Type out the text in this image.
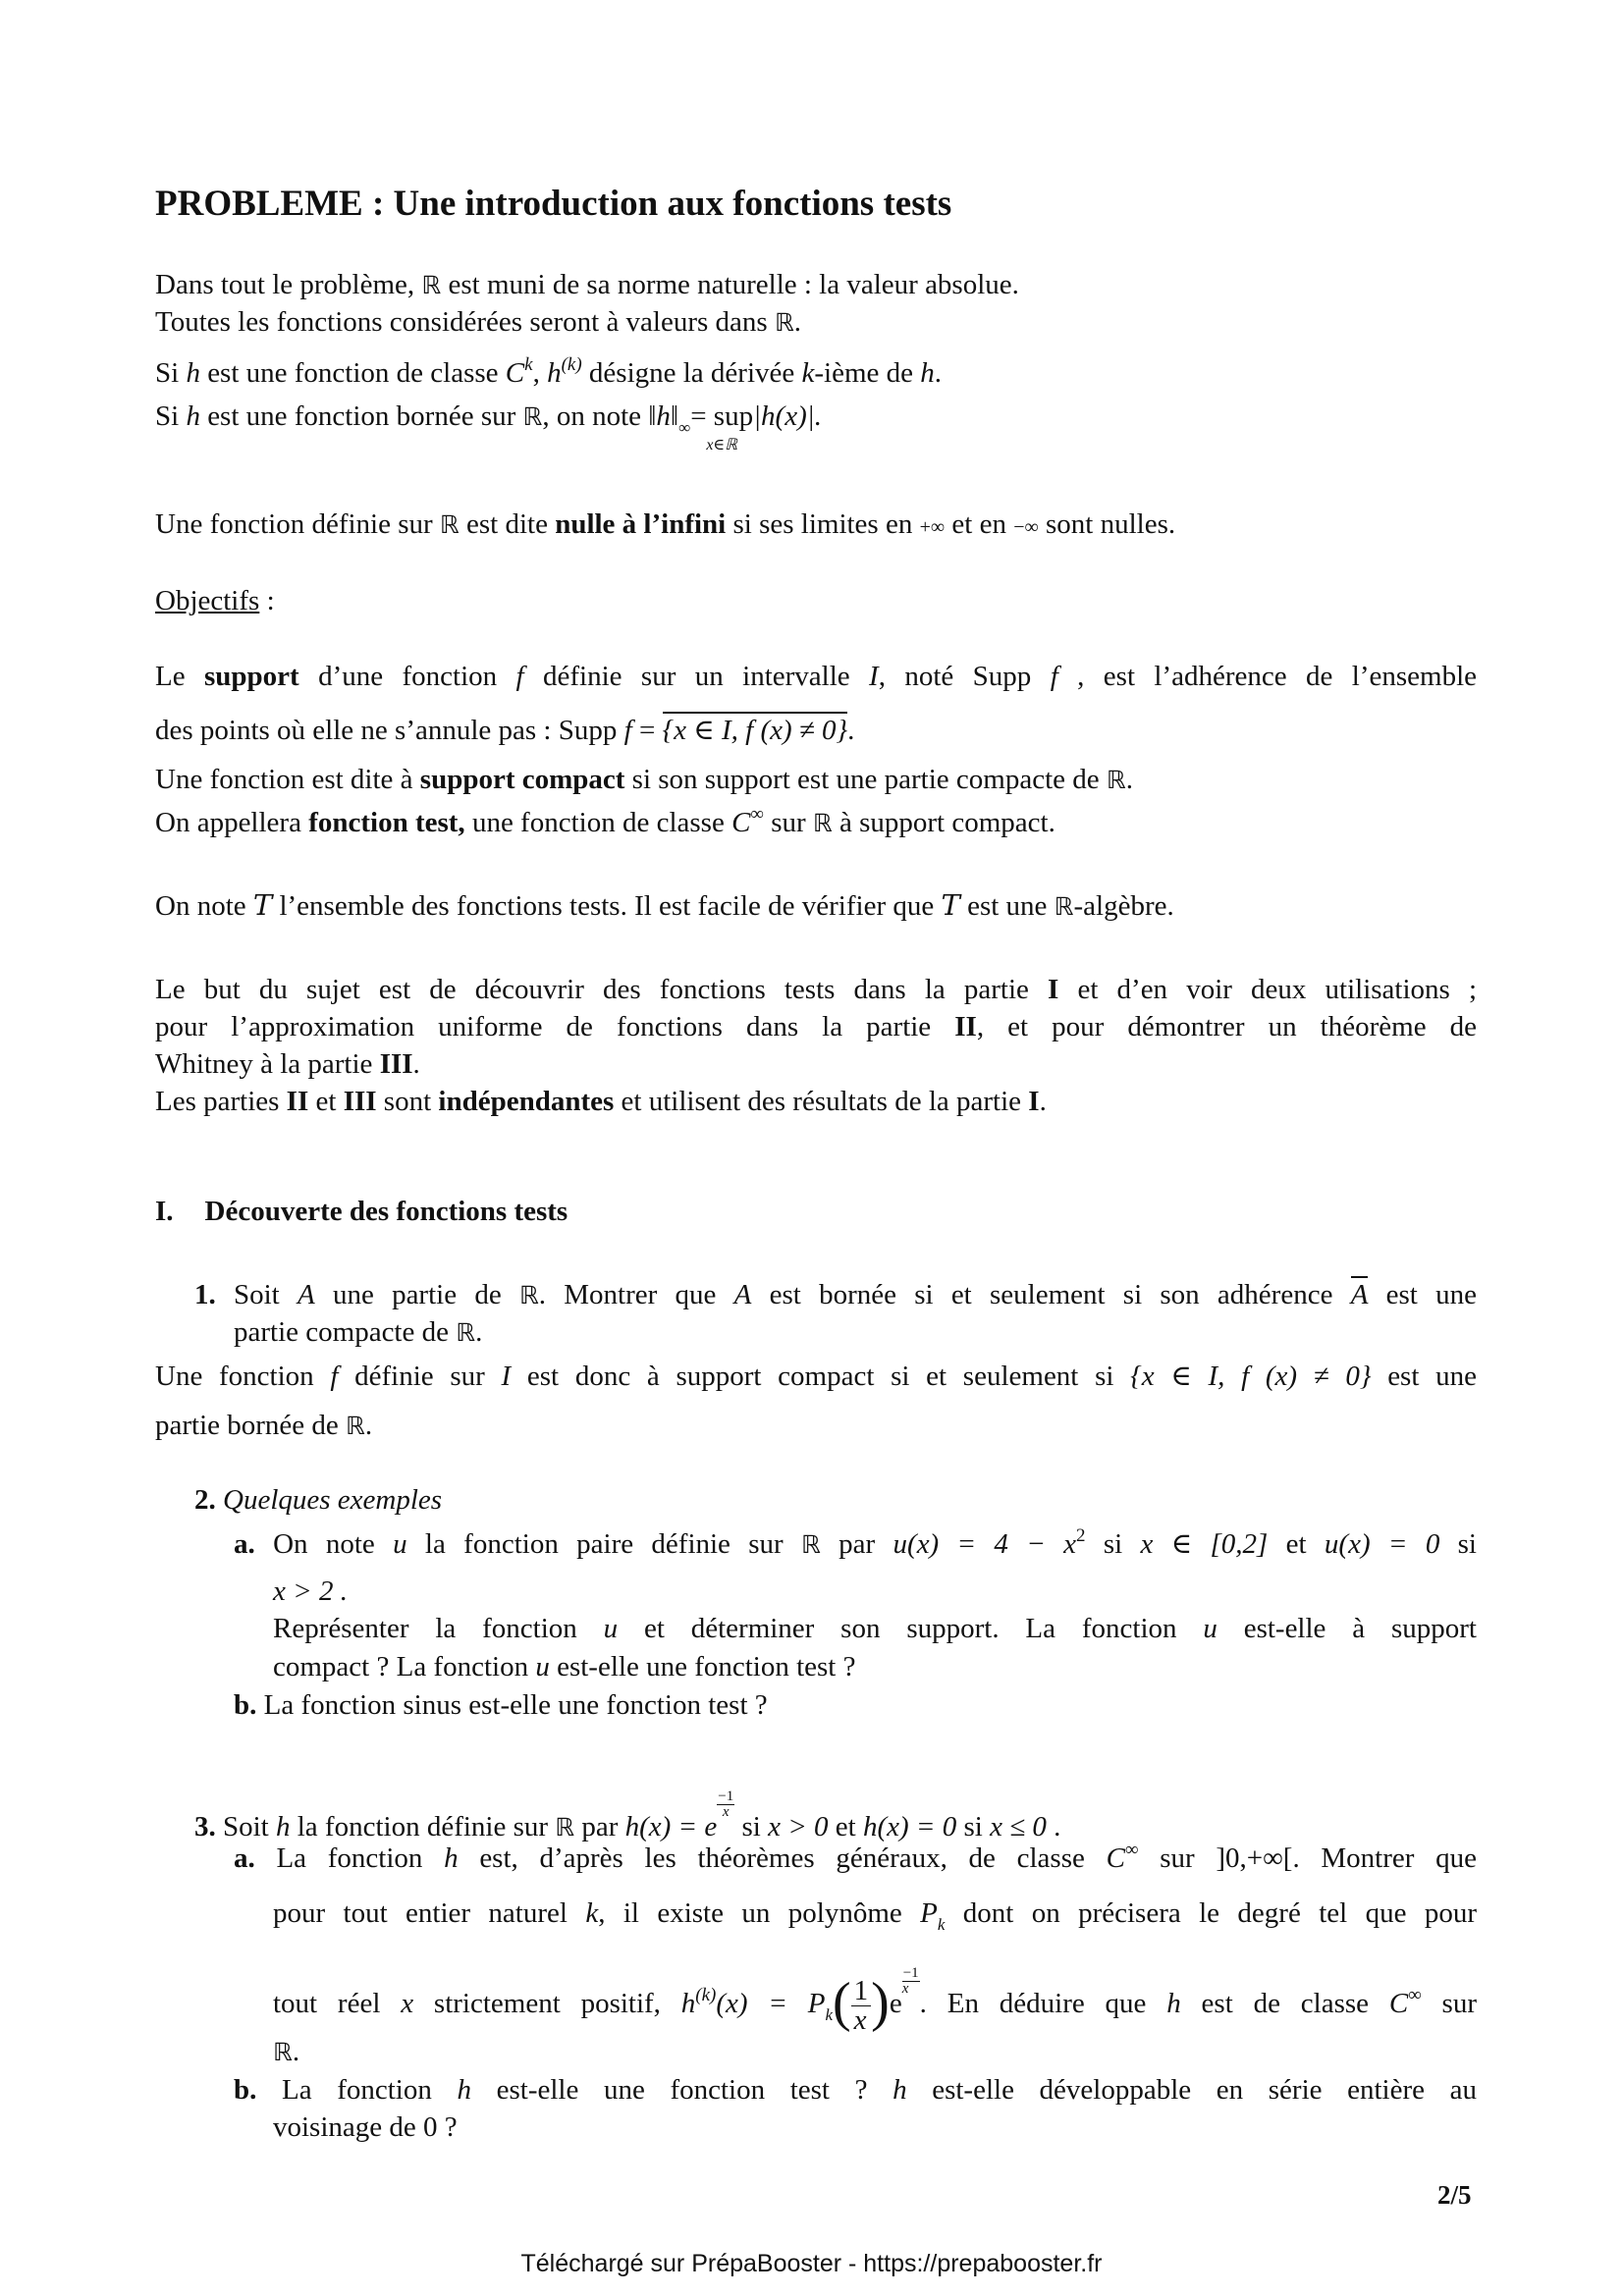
PROBLEME : Une introduction aux fonctions tests
Dans tout le problème, ℝ est muni de sa norme naturelle : la valeur absolue.
Toutes les fonctions considérées seront à valeurs dans ℝ.
Si h est une fonction de classe $C^k$, $h^{(k)}$ désigne la dérivée k-ième de h.
Si h est une fonction bornée sur ℝ, on note $‖h‖_\infty=$ sup
x∈ℝ
|h(x)|.
Une fonction définie sur ℝ est dite nulle à l’infini si ses limites en +∞ et en −∞ sont nulles.
Objectifs :
Le support d’une fonction f définie sur un intervalle I, noté Supp f , est l’adhérence de l’ensemble
des points où elle ne s’annule pas : Supp f = {x ∈ I, f (x) ≠ 0}.
Une fonction est dite à support compact si son support est une partie compacte de ℝ.
On appellera fonction test, une fonction de classe C∞ sur ℝ à support compact.
On note T l’ensemble des fonctions tests. Il est facile de vérifier que T est une ℝ-algèbre.
Le but du sujet est de découvrir des fonctions tests dans la partie I et d’en voir deux utilisations ;
pour l’approximation uniforme de fonctions dans la partie II, et pour démontrer un théorème de
Whitney à la partie III.
Les parties II et III sont indépendantes et utilisent des résultats de la partie I.
I. Découverte des fonctions tests
1. Soit A une partie de ℝ. Montrer que A est bornée si et seulement si son adhérence A est une
partie compacte de ℝ.
Une fonction f définie sur I est donc à support compact si et seulement si {x ∈ I, f (x) ≠ 0} est une
partie bornée de ℝ.
2. Quelques exemples
a. On note u la fonction paire définie sur ℝ par $u(x) = 4 - x^2$ si x ∈ [0,2] et u(x) = 0 si
x > 2 .
Représenter la fonction u et déterminer son support. La fonction u est-elle à support
compact ? La fonction u est-elle une fonction test ?
b. La fonction sinus est-elle une fonction test ?
3. Soit h la fonction définie sur ℝ par h(x) = e
$\frac{-1}{x}$
si x > 0 et h(x) = 0 si x ≤ 0 .
a. La fonction h est, d’après les théorèmes généraux, de classe C∞ sur ]0,+∞[. Montrer que
pour tout entier naturel k, il existe un polynôme $P_k$ dont on précisera le degré tel que pour
tout réel x strictement positif, $h^{(k)}(x) = P_k( \frac{1}{x} )e$
$\frac{-1}{x}$
. En déduire que h est de classe C∞ sur
ℝ.
b. La fonction h est-elle une fonction test ? h est-elle développable en série entière au
voisinage de 0 ?
2/5
Téléchargé sur PrépaBooster - https://prepabooster.fr
